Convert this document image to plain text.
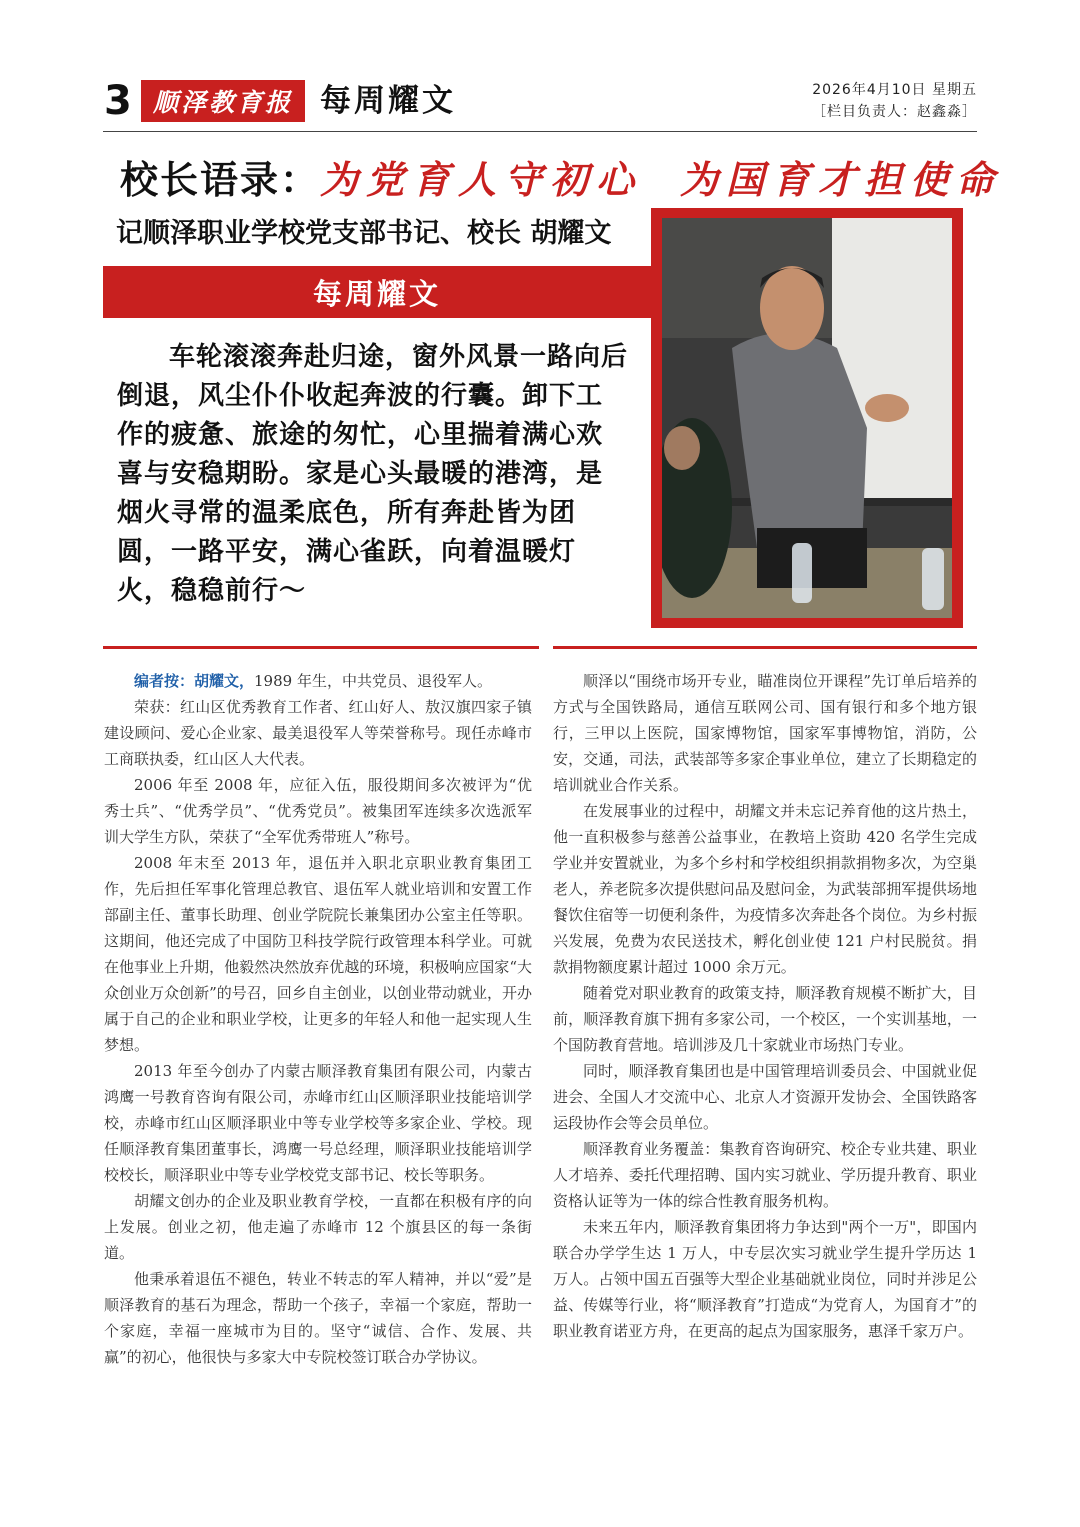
3 顺泽教育报 每周耀文	2026年4月10日 星期五
［栏目负责人：赵鑫淼］
校长语录：为党育人守初心 为国育才担使命
记顺泽职业学校党支部书记、校长 胡耀文
每周耀文
车轮滚滚奔赴归途，窗外风景一路向后倒退，风尘仆仆收起奔波的行囊。卸下工作的疲惫、旅途的匆忙，心里揣着满心欢喜与安稳期盼。家是心头最暖的港湾，是烟火寻常的温柔底色，所有奔赴皆为团圆，一路平安，满心雀跃，向着温暖灯火，稳稳前行～

编者按：胡耀文，1989 年生，中共党员、退役军人。

荣获：红山区优秀教育工作者、红山好人、敖汉旗四家子镇建设顾问、爱心企业家、最美退役军人等荣誉称号。现任赤峰市工商联执委，红山区人大代表。

2006 年至 2008 年，应征入伍，服役期间多次被评为“优秀士兵”、“优秀学员”、“优秀党员”。被集团军连续多次选派军训大学生方队，荣获了“全军优秀带班人”称号。

2008 年末至 2013 年，退伍并入职北京职业教育集团工作，先后担任军事化管理总教官、退伍军人就业培训和安置工作部副主任、董事长助理、创业学院院长兼集团办公室主任等职。这期间，他还完成了中国防卫科技学院行政管理本科学业。可就在他事业上升期，他毅然决然放弃优越的环境，积极响应国家“大众创业万众创新”的号召，回乡自主创业，以创业带动就业，开办属于自己的企业和职业学校，让更多的年轻人和他一起实现人生梦想。

2013 年至今创办了内蒙古顺泽教育集团有限公司，内蒙古鸿鹰一号教育咨询有限公司，赤峰市红山区顺泽职业技能培训学校，赤峰市红山区顺泽职业中等专业学校等多家企业、学校。现任顺泽教育集团董事长，鸿鹰一号总经理，顺泽职业技能培训学校校长，顺泽职业中等专业学校党支部书记、校长等职务。

胡耀文创办的企业及职业教育学校，一直都在积极有序的向上发展。创业之初，他走遍了赤峰市 12 个旗县区的每一条街道。

他秉承着退伍不褪色，转业不转志的军人精神，并以“爱”是顺泽教育的基石为理念，帮助一个孩子，幸福一个家庭，帮助一个家庭，幸福一座城市为目的。坚守“诚信、合作、发展、共赢”的初心，他很快与多家大中专院校签订联合办学协议。

顺泽以“围绕市场开专业，瞄准岗位开课程”先订单后培养的方式与全国铁路局，通信互联网公司、国有银行和多个地方银行，三甲以上医院，国家博物馆，国家军事博物馆，消防，公安，交通，司法，武装部等多家企事业单位，建立了长期稳定的培训就业合作关系。

在发展事业的过程中，胡耀文并未忘记养育他的这片热土，他一直积极参与慈善公益事业，在教培上资助 420 名学生完成学业并安置就业，为多个乡村和学校组织捐款捐物多次，为空巢老人，养老院多次提供慰问品及慰问金，为武装部拥军提供场地餐饮住宿等一切便利条件，为疫情多次奔赴各个岗位。为乡村振兴发展，免费为农民送技术，孵化创业使 121 户村民脱贫。捐款捐物额度累计超过 1000 余万元。

随着党对职业教育的政策支持，顺泽教育规模不断扩大，目前，顺泽教育旗下拥有多家公司，一个校区，一个实训基地，一个国防教育营地。培训涉及几十家就业市场热门专业。

同时，顺泽教育集团也是中国管理培训委员会、中国就业促进会、全国人才交流中心、北京人才资源开发协会、全国铁路客运段协作会等会员单位。

顺泽教育业务覆盖：集教育咨询研究、校企专业共建、职业人才培养、委托代理招聘、国内实习就业、学历提升教育、职业资格认证等为一体的综合性教育服务机构。

未来五年内，顺泽教育集团将力争达到"两个一万"，即国内联合办学学生达 1 万人，中专层次实习就业学生提升学历达 1 万人。占领中国五百强等大型企业基础就业岗位，同时并涉足公益、传媒等行业，将“顺泽教育”打造成“为党育人，为国育才”的职业教育诺亚方舟，在更高的起点为国家服务，惠泽千家万户。
